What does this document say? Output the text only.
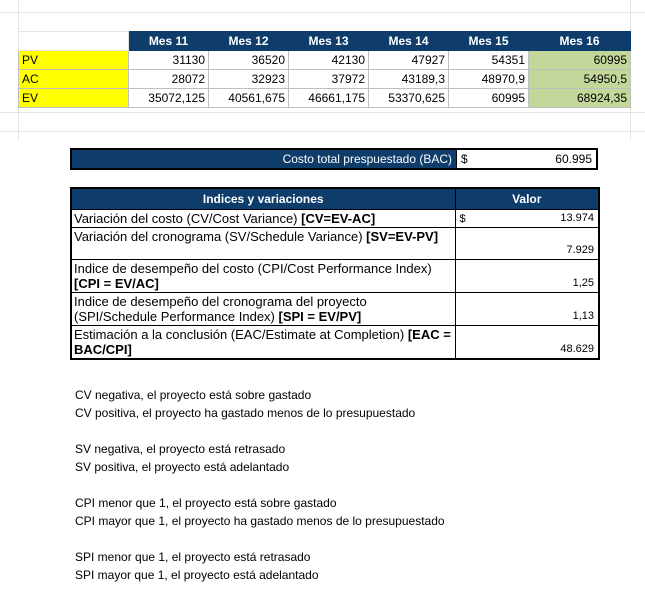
	Mes 11	Mes 12	Mes 13	Mes 14	Mes 15	Mes 16
PV	31130	36520	42130	47927	54351	60995
AC	28072	32923	37972	43189,3	48970,9	54950,5
EV	35072,125	40561,675	46661,175	53370,625	60995	68924,35
Costo total prespuestado (BAC) $	60.995
Indices y variaciones	Valor
Variación del costo (CV/Cost Variance) [CV=EV-AC]	$ 13.974
Variación del cronograma (SV/Schedule Variance) [SV=EV-PV]	7.929
Indice de desempeño del costo (CPI/Cost Performance Index) [CPI = EV/AC]	1,25
Indice de desempeño del cronograma del proyecto (SPI/Schedule Performance Index) [SPI = EV/PV]	1,13
Estimación a la conclusión (EAC/Estimate at Completion) [EAC = BAC/CPI]	48.629
CV negativa, el proyecto está sobre gastado
CV positiva, el proyecto ha gastado menos de lo presupuestado
SV negativa, el proyecto está retrasado
SV positiva, el proyecto está adelantado
CPI menor que 1, el proyecto está sobre gastado
CPI mayor que 1, el proyecto ha gastado menos de lo presupuestado
SPI menor que 1, el proyecto está retrasado
SPI mayor que 1, el proyecto está adelantado
